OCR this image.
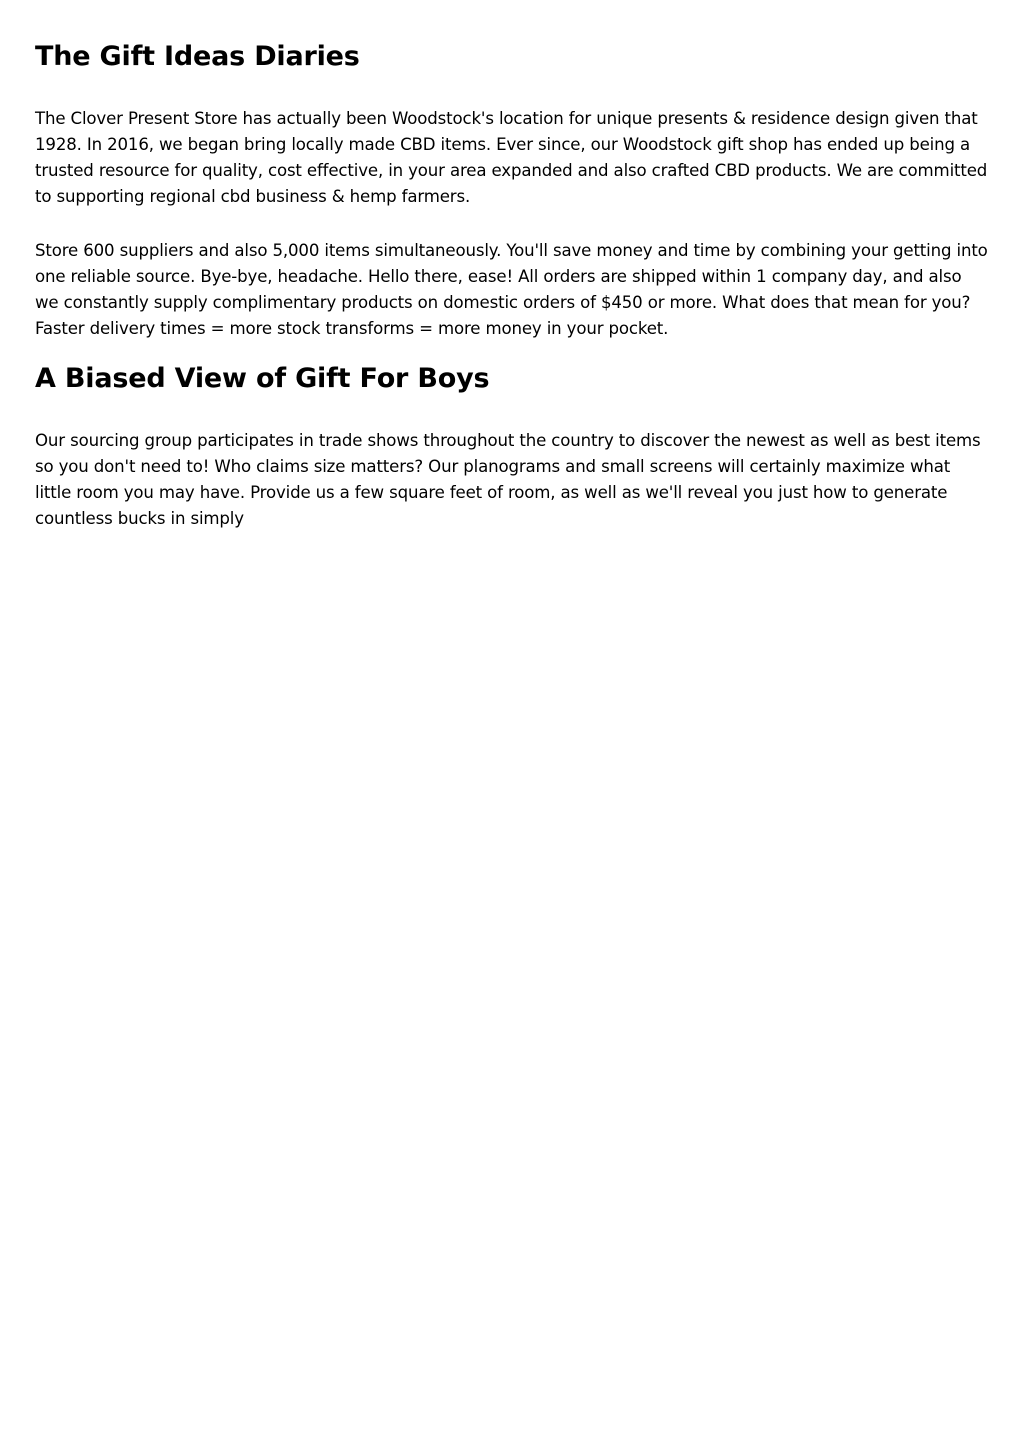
The Gift Ideas Diaries

The Clover Present Store has actually been Woodstock's location for unique presents & residence design given that 1928. In 2016, we began bring locally made CBD items. Ever since, our Woodstock gift shop has ended up being a trusted resource for quality, cost effective, in your area expanded and also crafted CBD products. We are committed to supporting regional cbd business & hemp farmers.

Store 600 suppliers and also 5,000 items simultaneously. You'll save money and time by combining your getting into one reliable source. Bye-bye, headache. Hello there, ease! All orders are shipped within 1 company day, and also we constantly supply complimentary products on domestic orders of $450 or more. What does that mean for you? Faster delivery times = more stock transforms = more money in your pocket.

A Biased View of Gift For Boys

Our sourcing group participates in trade shows throughout the country to discover the newest as well as best items so you don't need to! Who claims size matters? Our planograms and small screens will certainly maximize what little room you may have. Provide us a few square feet of room, as well as we'll reveal you just how to generate countless bucks in simply
